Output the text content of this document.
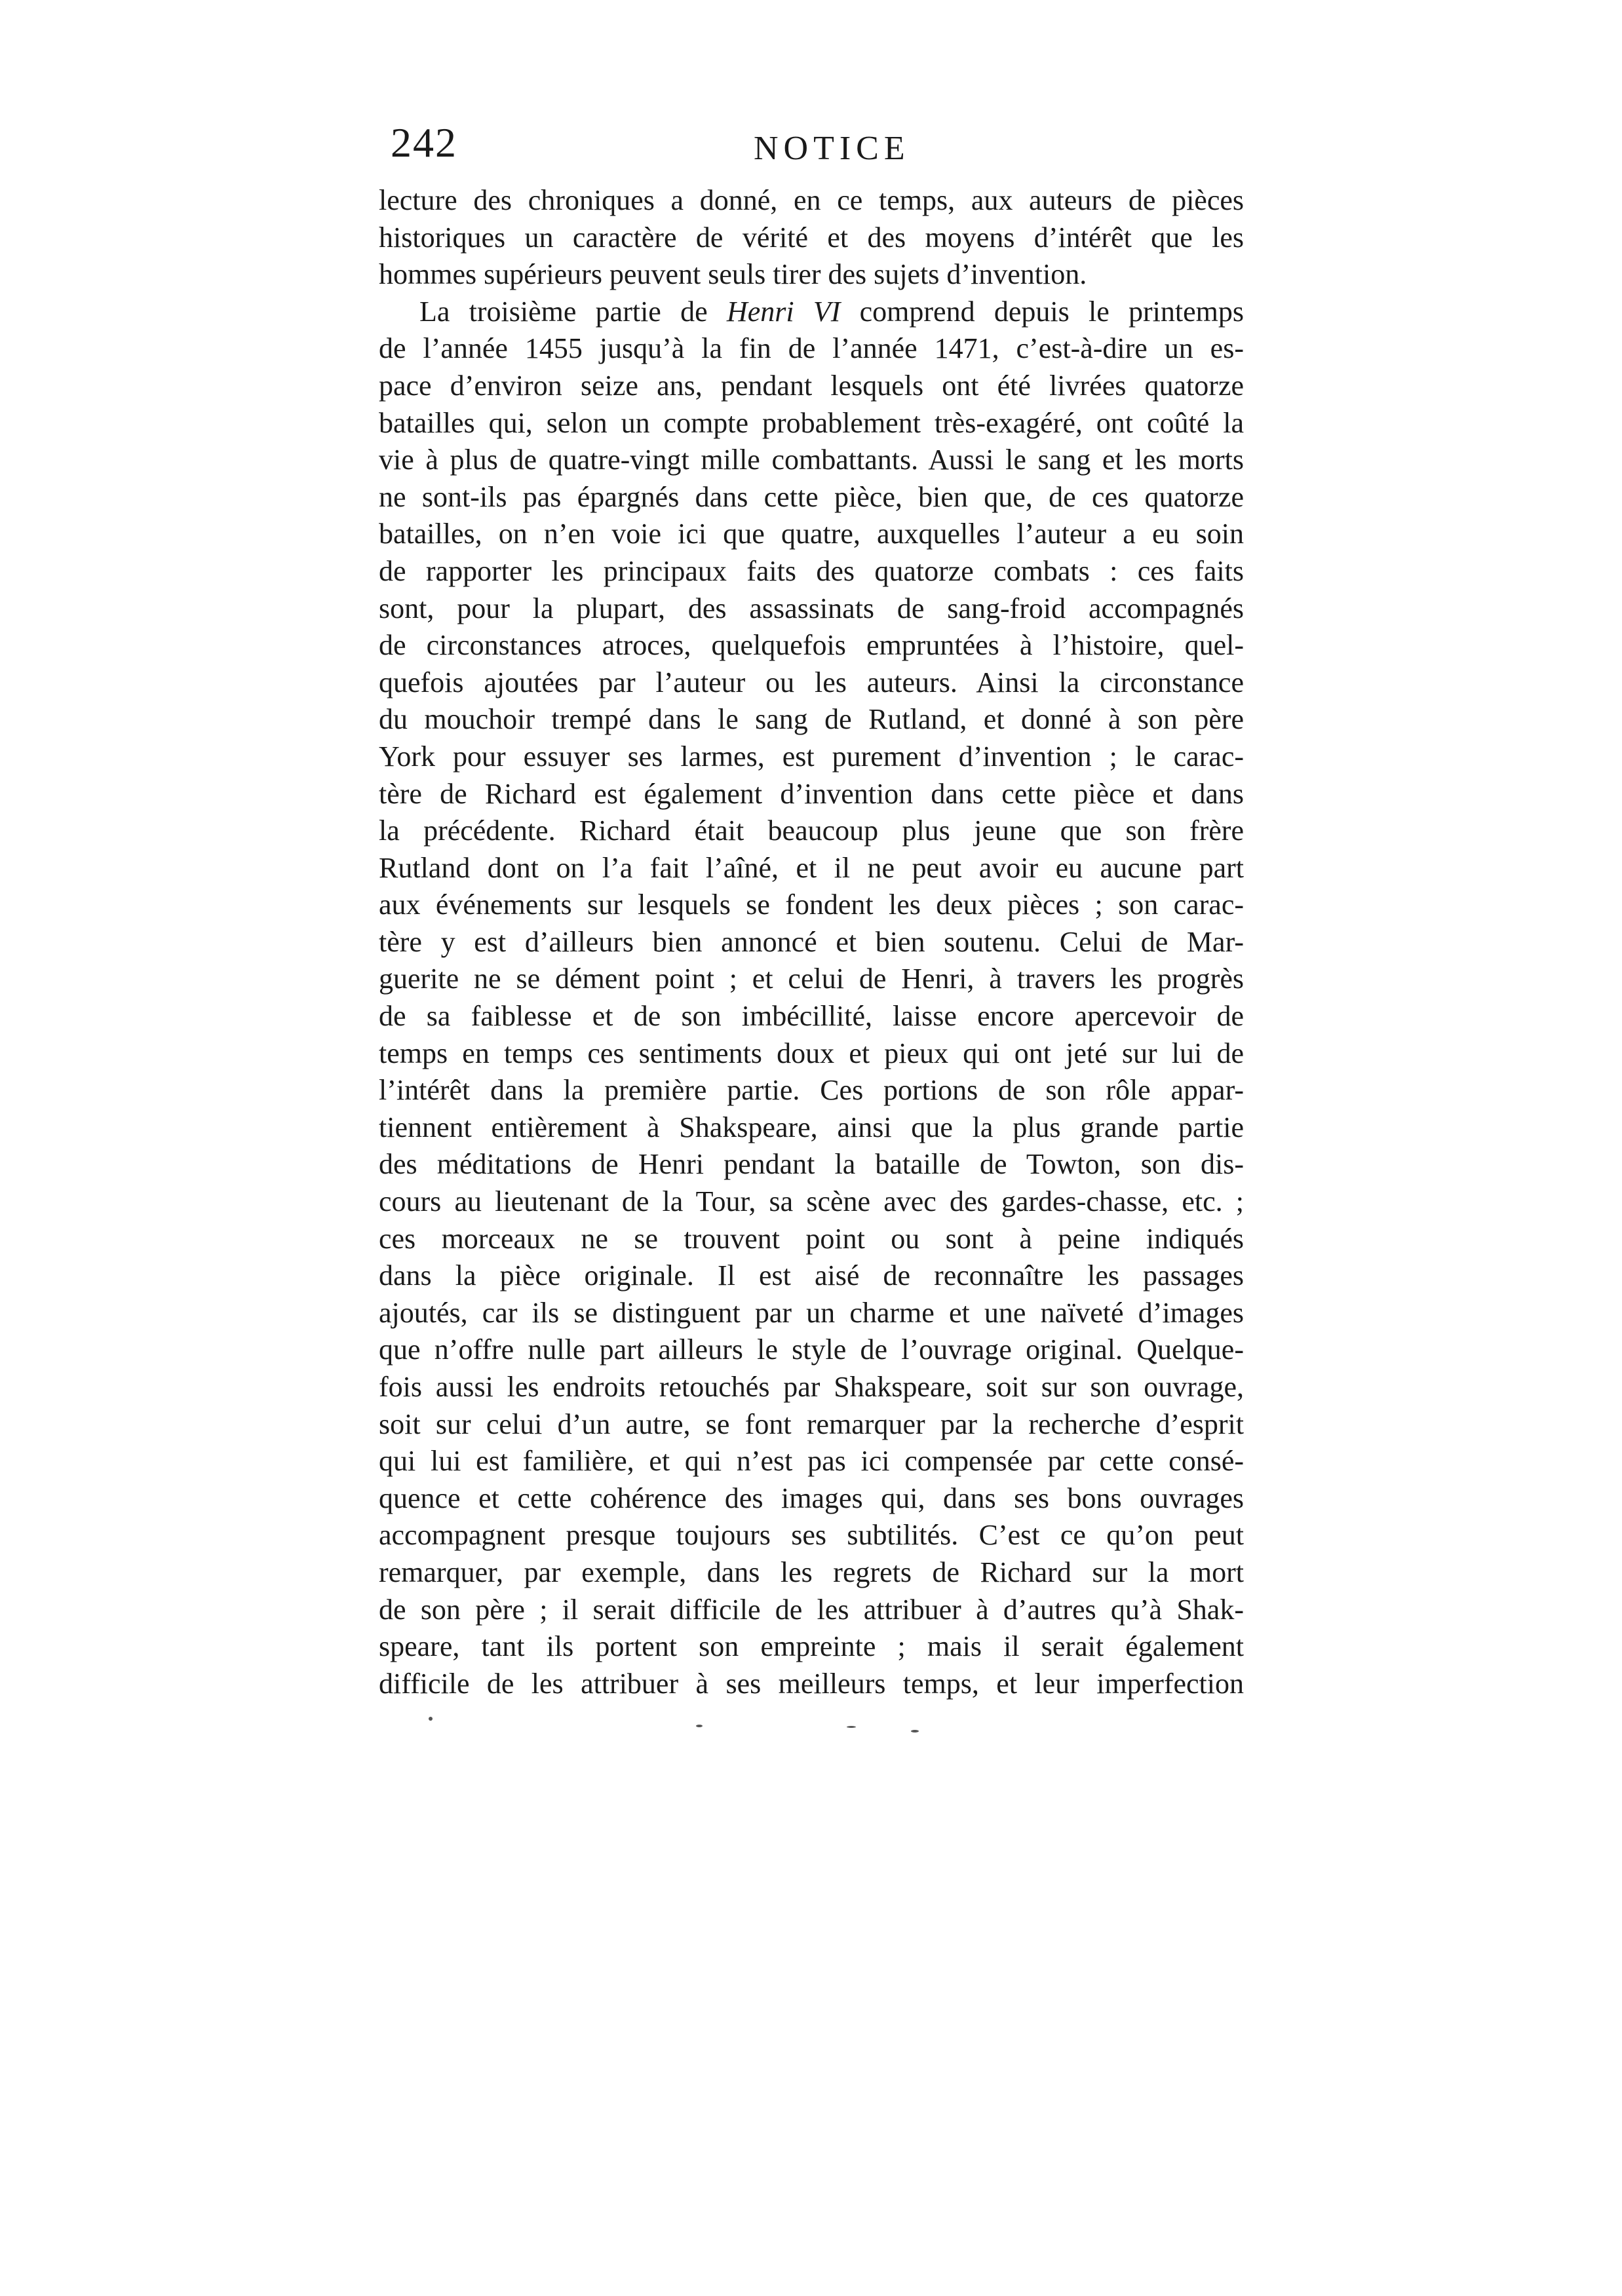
242	NOTICE
lecture des chroniques a donné, en ce temps, aux auteurs de pièces
historiques un caractère de vérité et des moyens d’intérêt que les
hommes supérieurs peuvent seuls tirer des sujets d’invention.
La troisième partie de Henri VI comprend depuis le printemps
de l’année 1455 jusqu’à la fin de l’année 1471, c’est-à-dire un es-
pace d’environ seize ans, pendant lesquels ont été livrées quatorze
batailles qui, selon un compte probablement très-exagéré, ont coûté la
vie à plus de quatre-vingt mille combattants. Aussi le sang et les morts
ne sont-ils pas épargnés dans cette pièce, bien que, de ces quatorze
batailles, on n’en voie ici que quatre, auxquelles l’auteur a eu soin
de rapporter les principaux faits des quatorze combats : ces faits
sont, pour la plupart, des assassinats de sang-froid accompagnés
de circonstances atroces, quelquefois empruntées à l’histoire, quel-
quefois ajoutées par l’auteur ou les auteurs. Ainsi la circonstance
du mouchoir trempé dans le sang de Rutland, et donné à son père
York pour essuyer ses larmes, est purement d’invention ; le carac-
tère de Richard est également d’invention dans cette pièce et dans
la précédente. Richard était beaucoup plus jeune que son frère
Rutland dont on l’a fait l’aîné, et il ne peut avoir eu aucune part
aux événements sur lesquels se fondent les deux pièces ; son carac-
tère y est d’ailleurs bien annoncé et bien soutenu. Celui de Mar-
guerite ne se dément point ; et celui de Henri, à travers les progrès
de sa faiblesse et de son imbécillité, laisse encore apercevoir de
temps en temps ces sentiments doux et pieux qui ont jeté sur lui de
l’intérêt dans la première partie. Ces portions de son rôle appar-
tiennent entièrement à Shakspeare, ainsi que la plus grande partie
des méditations de Henri pendant la bataille de Towton, son dis-
cours au lieutenant de la Tour, sa scène avec des gardes-chasse, etc. ;
ces morceaux ne se trouvent point ou sont à peine indiqués
dans la pièce originale. Il est aisé de reconnaître les passages
ajoutés, car ils se distinguent par un charme et une naïveté d’images
que n’offre nulle part ailleurs le style de l’ouvrage original. Quelque-
fois aussi les endroits retouchés par Shakspeare, soit sur son ouvrage,
soit sur celui d’un autre, se font remarquer par la recherche d’esprit
qui lui est familière, et qui n’est pas ici compensée par cette consé-
quence et cette cohérence des images qui, dans ses bons ouvrages
accompagnent presque toujours ses subtilités. C’est ce qu’on peut
remarquer, par exemple, dans les regrets de Richard sur la mort
de son père ; il serait difficile de les attribuer à d’autres qu’à Shak-
speare, tant ils portent son empreinte ; mais il serait également
difficile de les attribuer à ses meilleurs temps, et leur imperfection
